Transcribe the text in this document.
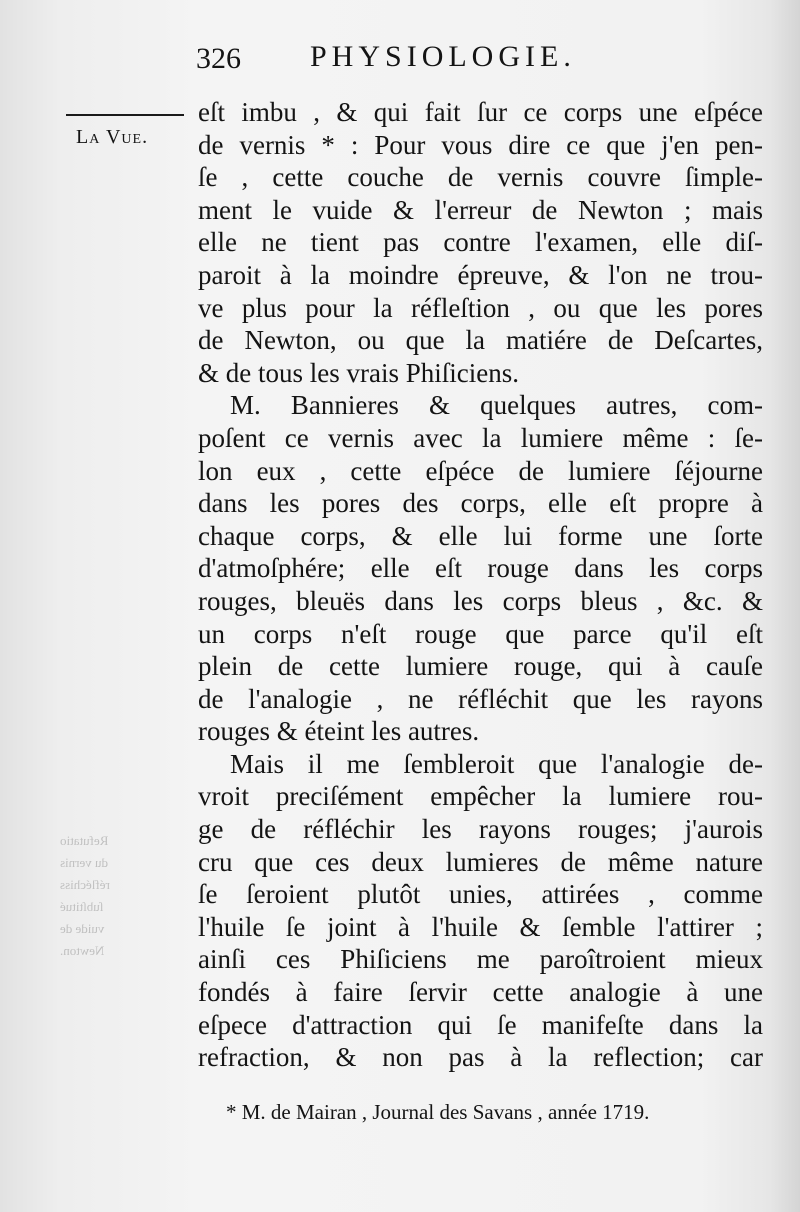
Refutatio
du vernis
réfléchiss
ſubſtitué
vuide de
Newton.
326 PHYSIOLOGIE.
La Vue.
eſt imbu , & qui fait ſur ce corps une eſpéce
de vernis * : Pour vous dire ce que j'en pen-
ſe , cette couche de vernis couvre ſimple-
ment le vuide & l'erreur de Newton ; mais
elle ne tient pas contre l'examen, elle diſ-
paroit à la moindre épreuve, & l'on ne trou-
ve plus pour la réfleſtion , ou que les pores
de Newton, ou que la matiére de Deſcartes,
& de tous les vrais Phiſiciens.
M. Bannieres & quelques autres, com-
poſent ce vernis avec la lumiere même : ſe-
lon eux , cette eſpéce de lumiere ſéjourne
dans les pores des corps, elle eſt propre à
chaque corps, & elle lui forme une ſorte
d'atmoſphére; elle eſt rouge dans les corps
rouges, bleuës dans les corps bleus , &c. &
un corps n'eſt rouge que parce qu'il eſt
plein de cette lumiere rouge, qui à cauſe
de l'analogie , ne réfléchit que les rayons
rouges & éteint les autres.
Mais il me ſembleroit que l'analogie de-
vroit preciſément empêcher la lumiere rou-
ge de réfléchir les rayons rouges; j'aurois
cru que ces deux lumieres de même nature
ſe ſeroient plutôt unies, attirées , comme
l'huile ſe joint à l'huile & ſemble l'attirer ;
ainſi ces Phiſiciens me paroîtroient mieux
fondés à faire ſervir cette analogie à une
eſpece d'attraction qui ſe manifeſte dans la
refraction, & non pas à la reflection; car
* M. de Mairan , Journal des Savans , année 1719.
